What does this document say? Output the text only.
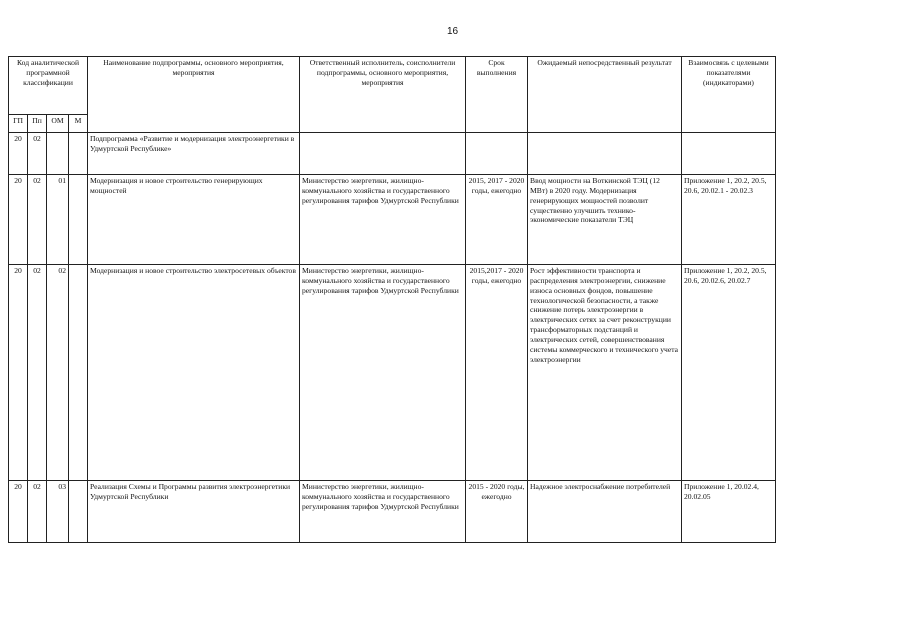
16
Код аналитической программной классификации				Наименование подпрограммы, основного мероприятия, мероприятия	Ответственный исполнитель, соисполнители подпрограммы, основного мероприятия, мероприятия	Срок выполнения	Ожидаемый непосредственный результат	Взаимосвязь с целевыми показателями (индикаторами)
ГП	Пп	ОМ	М					
20	02			Подпрограмма «Развитие и модернизация электроэнергетики в Удмуртской Республике»				
20	02	01		Модернизация и новое строительство генерирующих мощностей	Министерство энергетики, жилищно-коммунального хозяйства и государственного регулирования тарифов Удмуртской Республики	2015, 2017 - 2020 годы, ежегодно	Ввод мощности на Воткинской ТЭЦ (12 МВт) в 2020 году. Модернизация генерирующих мощностей позволит существенно улучшить технико-экономические показатели ТЭЦ	Приложение 1, 20.2, 20.5, 20.6, 20.02.1 - 20.02.3
20	02	02		Модернизация и новое строительство электросетевых объектов	Министерство энергетики, жилищно-коммунального хозяйства и государственного регулирования тарифов Удмуртской Республики	2015,2017 - 2020 годы, ежегодно	Рост эффективности транспорта и распределения электроэнергии, снижение износа основных фондов, повышение технологической безопасности, а также снижение потерь электроэнергии в электрических сетях за счет реконструкции трансформаторных подстанций и электрических сетей, совершенствования системы коммерческого и технического учета электроэнергии	Приложение 1, 20.2, 20.5, 20.6, 20.02.6, 20.02.7
20	02	03		Реализация Схемы и Программы развития электроэнергетики Удмуртской Республики	Министерство энергетики, жилищно-коммунального хозяйства и государственного регулирования тарифов Удмуртской Республики	2015 - 2020 годы, ежегодно	Надежное электроснабжение потребителей	Приложение 1, 20.02.4, 20.02.05
